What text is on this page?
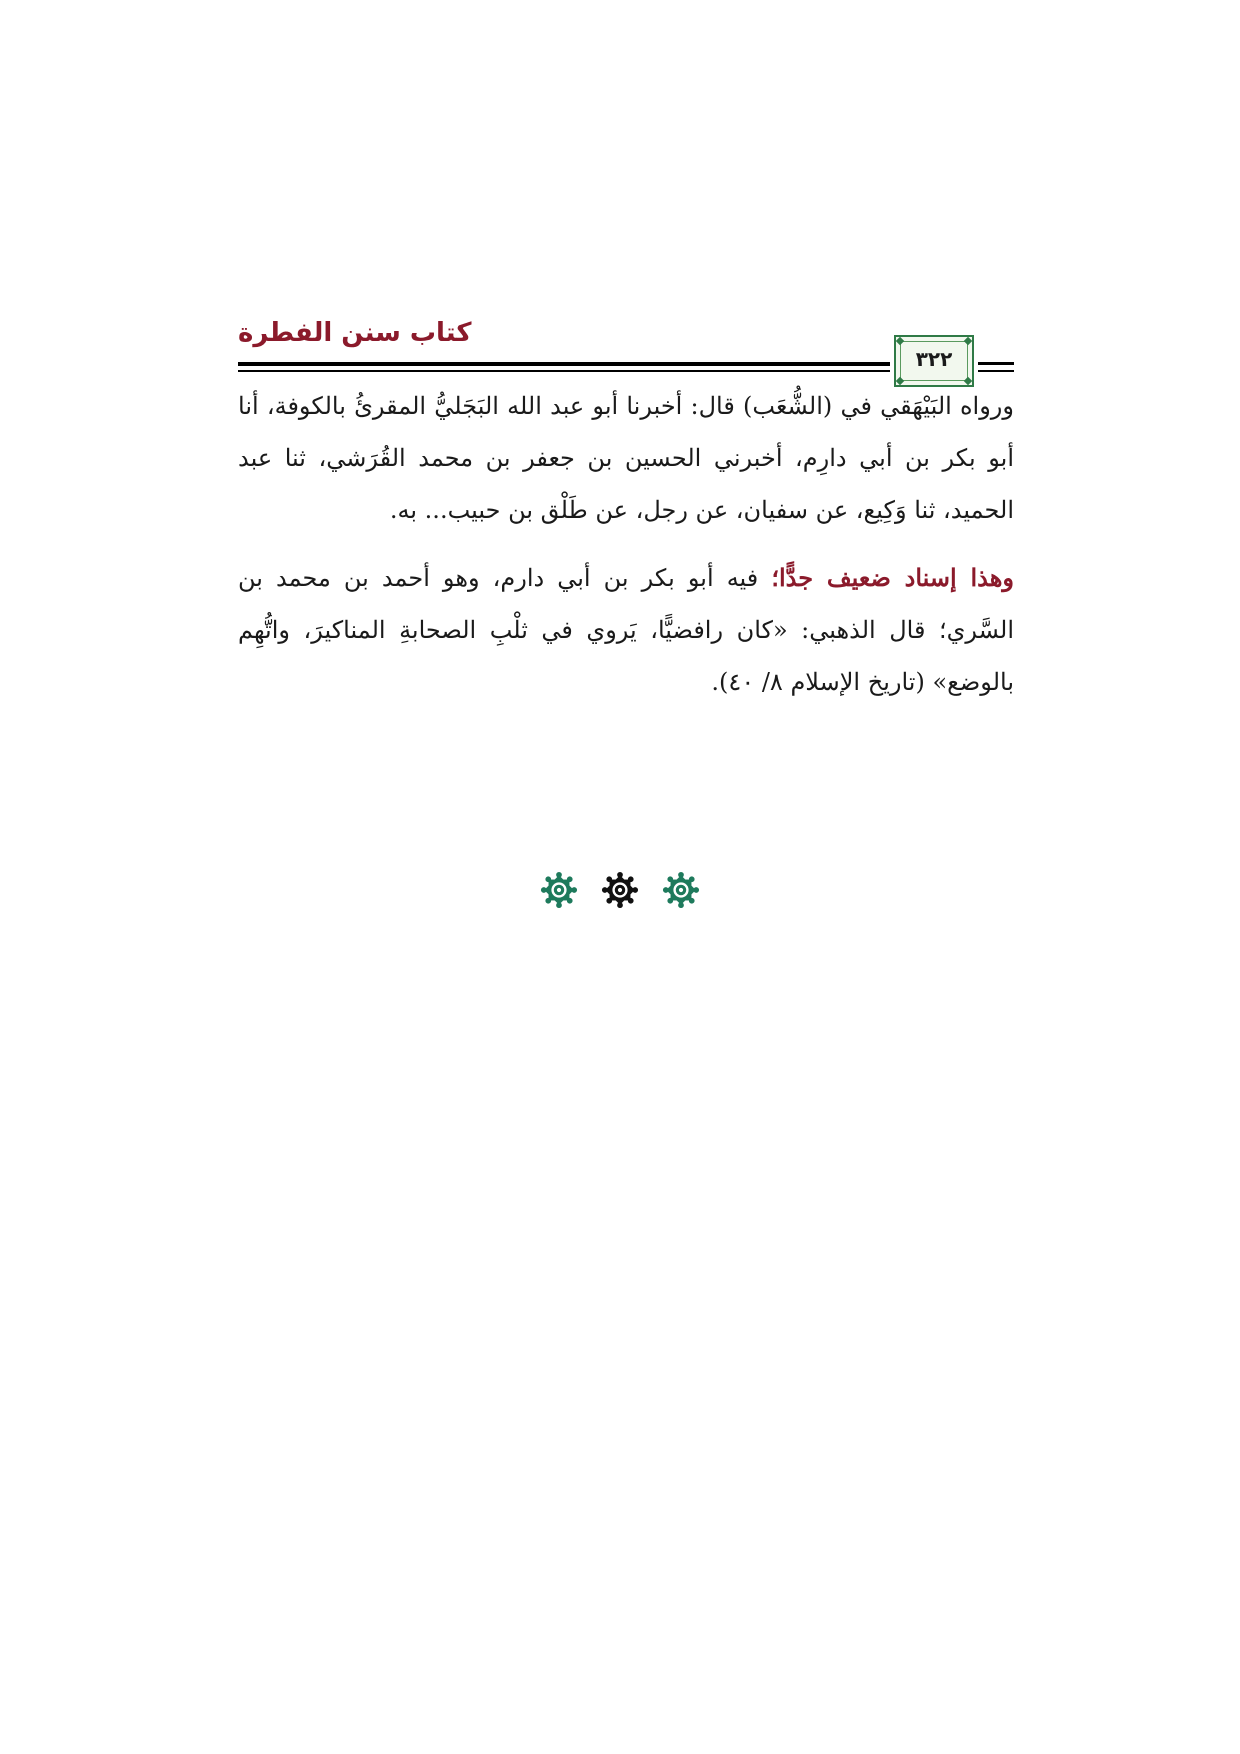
كتاب سنن الفطرة
٣٢٢

ورواه البَيْهَقي في (الشُّعَب) قال: أخبرنا أبو عبد الله البَجَليُّ المقرئُ بالكوفة، أنا أبو بكر بن أبي دارِم، أخبرني الحسين بن جعفر بن محمد القُرَشي، ثنا عبد الحميد، ثنا وَكِيع، عن سفيان، عن رجل، عن طَلْق بن حبيب... به.

وهذا إسناد ضعيف جدًّا؛ فيه أبو بكر بن أبي دارم، وهو أحمد بن محمد بن السَّري؛ قال الذهبي: «كان رافضيًّا، يَروي في ثلْبِ الصحابةِ المناكيرَ، واتُّهِم بالوضع» (تاريخ الإسلام ٨/ ٤٠).
